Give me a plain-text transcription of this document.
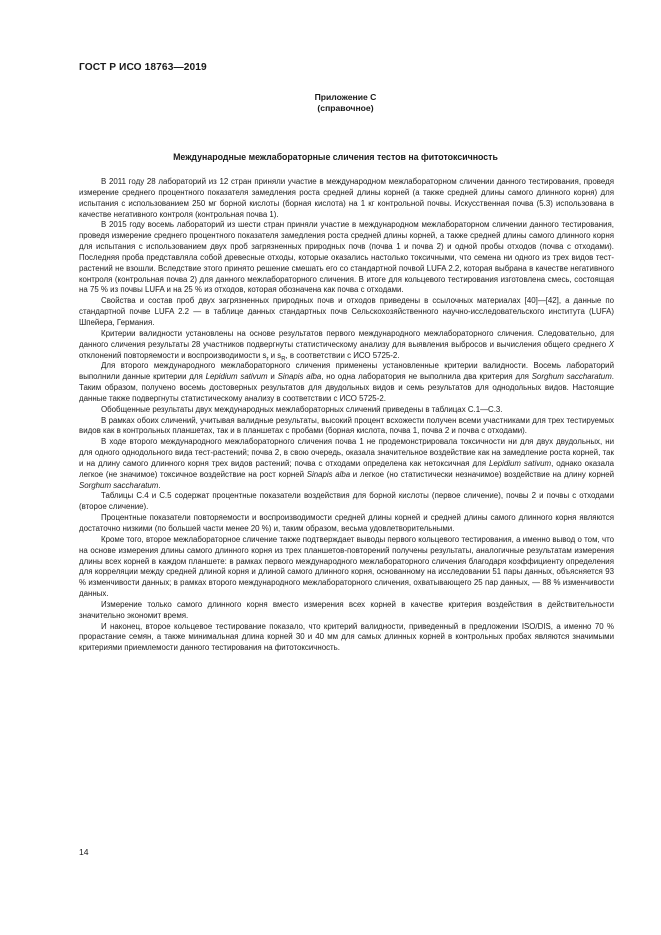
ГОСТ Р ИСО 18763—2019
Приложение С
(справочное)
Международные межлабораторные сличения тестов на фитотоксичность

В 2011 году 28 лабораторий из 12 стран приняли участие в международном межлабораторном сличении данного тестирования, проведя измерение среднего процентного показателя замедления роста средней длины корней (а также средней длины самого длинного корня) для испытания с использованием 250 мг борной кислоты (борная кислота) на 1 кг контрольной почвы. Искусственная почва (5.3) использована в качестве негативного контроля (контрольная почва 1).

В 2015 году восемь лабораторий из шести стран приняли участие в международном межлабораторном сличении данного тестирования, проведя измерение среднего процентного показателя замедления роста средней длины корней, а также средней длины самого длинного корня для испытания с использованием двух проб загрязненных природных почв (почва 1 и почва 2) и одной пробы отходов (почва с отходами). Последняя проба представляла собой древесные отходы, которые оказались настолько токсичными, что семена ни одного из трех видов тест-растений не взошли. Вследствие этого принято решение смешать его со стандартной почвой LUFA 2.2, которая выбрана в качестве негативного контроля (контрольная почва 2) для данного межлабораторного сличения. В итоге для кольцевого тестирования изготовлена смесь, состоящая на 75 % из почвы LUFA и на 25 % из отходов, которая обозначена как почва с отходами.

Свойства и состав проб двух загрязненных природных почв и отходов приведены в ссылочных материалах [40]—[42], а данные по стандартной почве LUFA 2.2 — в таблице данных стандартных почв Сельскохозяйственного научно-исследовательского института (LUFA) Шпейера, Германия.

Критерии валидности установлены на основе результатов первого международного межлабораторного сличения. Следовательно, для данного сличения результаты 28 участников подвергнуты статистическому анализу для выявления выбросов и вычисления общего среднего X отклонений повторяемости и воспроизводимости $s_r$ и $s_R$, в соответствии с ИСО 5725-2.

Для второго международного межлабораторного сличения применены установленные критерии валидности. Восемь лабораторий выполнили данные критерии для Lepidium sativum и Sinapis alba, но одна лаборатория не выполнила два критерия для Sorghum saccharatum. Таким образом, получено восемь достоверных результатов для двудольных видов и семь результатов для однодольных видов. Настоящие данные также подвергнуты статистическому анализу в соответствии с ИСО 5725-2.

Обобщенные результаты двух международных межлабораторных сличений приведены в таблицах С.1—С.3.

В рамках обоих сличений, учитывая валидные результаты, высокий процент всхожести получен всеми участниками для трех тестируемых видов как в контрольных планшетах, так и в планшетах с пробами (борная кислота, почва 1, почва 2 и почва с отходами).

В ходе второго международного межлабораторного сличения почва 1 не продемонстрировала токсичности ни для двух двудольных, ни для одного однодольного вида тест-растений; почва 2, в свою очередь, оказала значительное воздействие как на замедление роста корней, так и на длину самого длинного корня трех видов растений; почва с отходами определена как нетоксичная для Lepidium sativum, однако оказала легкое (не значимое) токсичное воздействие на рост корней Sinapis alba и легкое (но статистически незначимое) воздействие на длину корней Sorghum saccharatum.

Таблицы С.4 и С.5 содержат процентные показатели воздействия для борной кислоты (первое сличение), почвы 2 и почвы с отходами (второе сличение).

Процентные показатели повторяемости и воспроизводимости средней длины корней и средней длины самого длинного корня являются достаточно низкими (по большей части менее 20 %) и, таким образом, весьма удовлетворительными.

Кроме того, второе межлабораторное сличение также подтверждает выводы первого кольцевого тестирования, а именно вывод о том, что на основе измерения длины самого длинного корня из трех планшетов-повторений получены результаты, аналогичные результатам измерения длины всех корней в каждом планшете: в рамках первого международного межлабораторного сличения благодаря коэффициенту определения для корреляции между средней длиной корня и длиной самого длинного корня, основанному на исследовании 51 пары данных, объясняется 93 % изменчивости данных; в рамках второго международного межлабораторного сличения, охватывающего 25 пар данных, — 88 % изменчивости данных.

Измерение только самого длинного корня вместо измерения всех корней в качестве критерия воздействия в действительности значительно экономит время.

И наконец, второе кольцевое тестирование показало, что критерий валидности, приведенный в предложении ISO/DIS, а именно 70 % прорастание семян, а также минимальная длина корней 30 и 40 мм для самых длинных корней в контрольных пробах являются значимыми критериями приемлемости данного тестирования на фитотоксичность.

14
